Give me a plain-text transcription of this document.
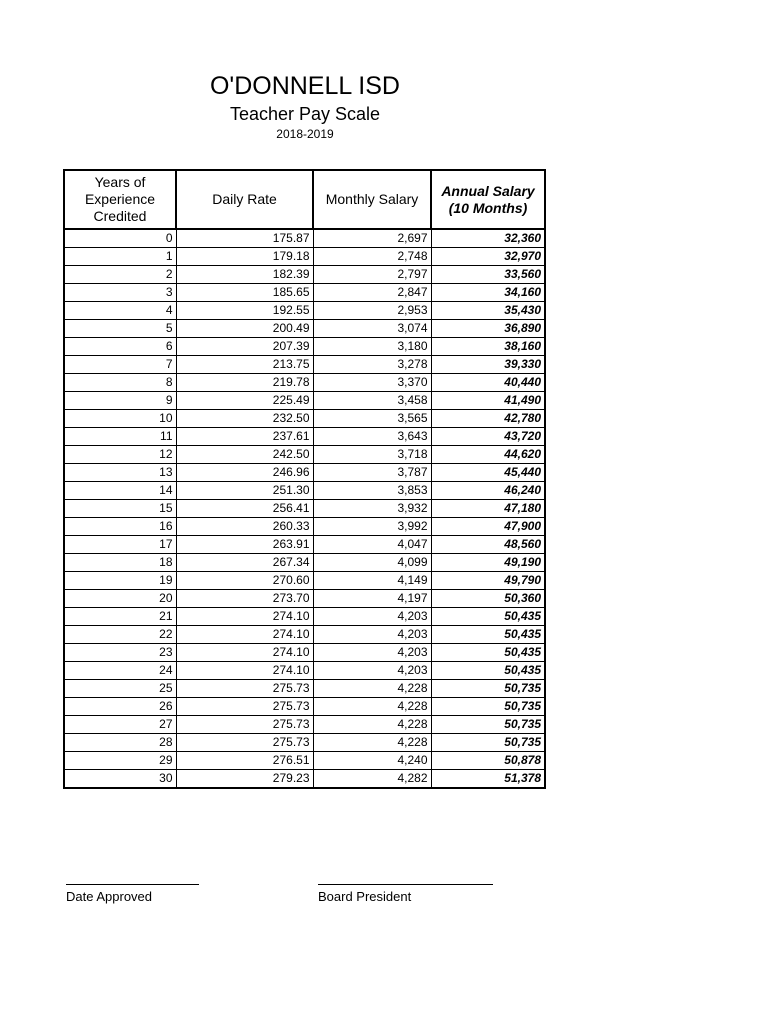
O'DONNELL ISD
Teacher Pay Scale
2018-2019
Years of Experience Credited	Daily Rate	Monthly Salary	Annual Salary (10 Months)
0	175.87	2,697	32,360
1	179.18	2,748	32,970
2	182.39	2,797	33,560
3	185.65	2,847	34,160
4	192.55	2,953	35,430
5	200.49	3,074	36,890
6	207.39	3,180	38,160
7	213.75	3,278	39,330
8	219.78	3,370	40,440
9	225.49	3,458	41,490
10	232.50	3,565	42,780
11	237.61	3,643	43,720
12	242.50	3,718	44,620
13	246.96	3,787	45,440
14	251.30	3,853	46,240
15	256.41	3,932	47,180
16	260.33	3,992	47,900
17	263.91	4,047	48,560
18	267.34	4,099	49,190
19	270.60	4,149	49,790
20	273.70	4,197	50,360
21	274.10	4,203	50,435
22	274.10	4,203	50,435
23	274.10	4,203	50,435
24	274.10	4,203	50,435
25	275.73	4,228	50,735
26	275.73	4,228	50,735
27	275.73	4,228	50,735
28	275.73	4,228	50,735
29	276.51	4,240	50,878
30	279.23	4,282	51,378
Date Approved	Board President
